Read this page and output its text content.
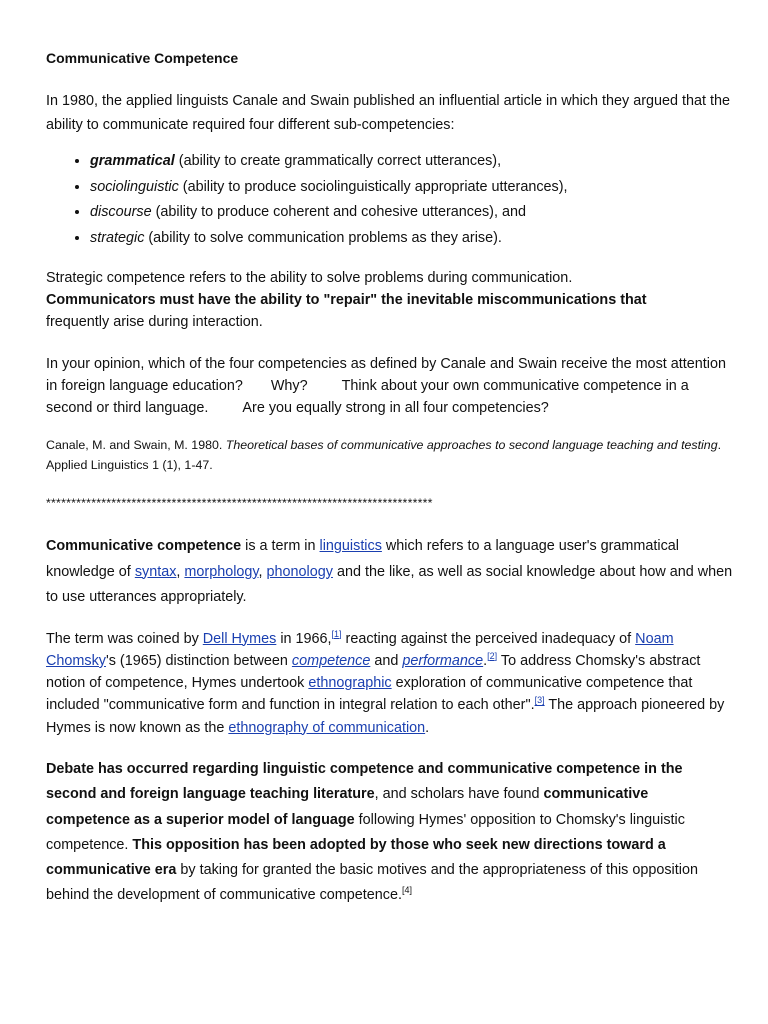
Communicative Competence

In 1980, the applied linguists Canale and Swain published an influential article in which they argued that the ability to communicate required four different sub-competencies:

• grammatical (ability to create grammatically correct utterances),
• sociolinguistic (ability to produce sociolinguistically appropriate utterances),
• discourse (ability to produce coherent and cohesive utterances), and
• strategic (ability to solve communication problems as they arise).

Strategic competence refers to the ability to solve problems during communication.
Communicators must have the ability to "repair" the inevitable miscommunications that
frequently arise during interaction.

In your opinion, which of the four competencies as defined by Canale and Swain receive the most attention in foreign language education? Why? Think about your own communicative competence in a second or third language. Are you equally strong in all four competencies?

Canale, M. and Swain, M. 1980. Theoretical bases of communicative approaches to second language teaching and testing. Applied Linguistics 1 (1), 1-47.

*****************************************************************************

Communicative competence is a term in linguistics which refers to a language user's grammatical knowledge of syntax, morphology, phonology and the like, as well as social knowledge about how and when to use utterances appropriately.

The term was coined by Dell Hymes in 1966,[1] reacting against the perceived inadequacy of Noam Chomsky's (1965) distinction between competence and performance.[2] To address Chomsky's abstract notion of competence, Hymes undertook ethnographic exploration of communicative competence that included "communicative form and function in integral relation to each other".[3] The approach pioneered by Hymes is now known as the ethnography of communication.

Debate has occurred regarding linguistic competence and communicative competence in the second and foreign language teaching literature, and scholars have found communicative competence as a superior model of language following Hymes' opposition to Chomsky's linguistic competence. This opposition has been adopted by those who seek new directions toward a communicative era by taking for granted the basic motives and the appropriateness of this opposition behind the development of communicative competence.[4]
